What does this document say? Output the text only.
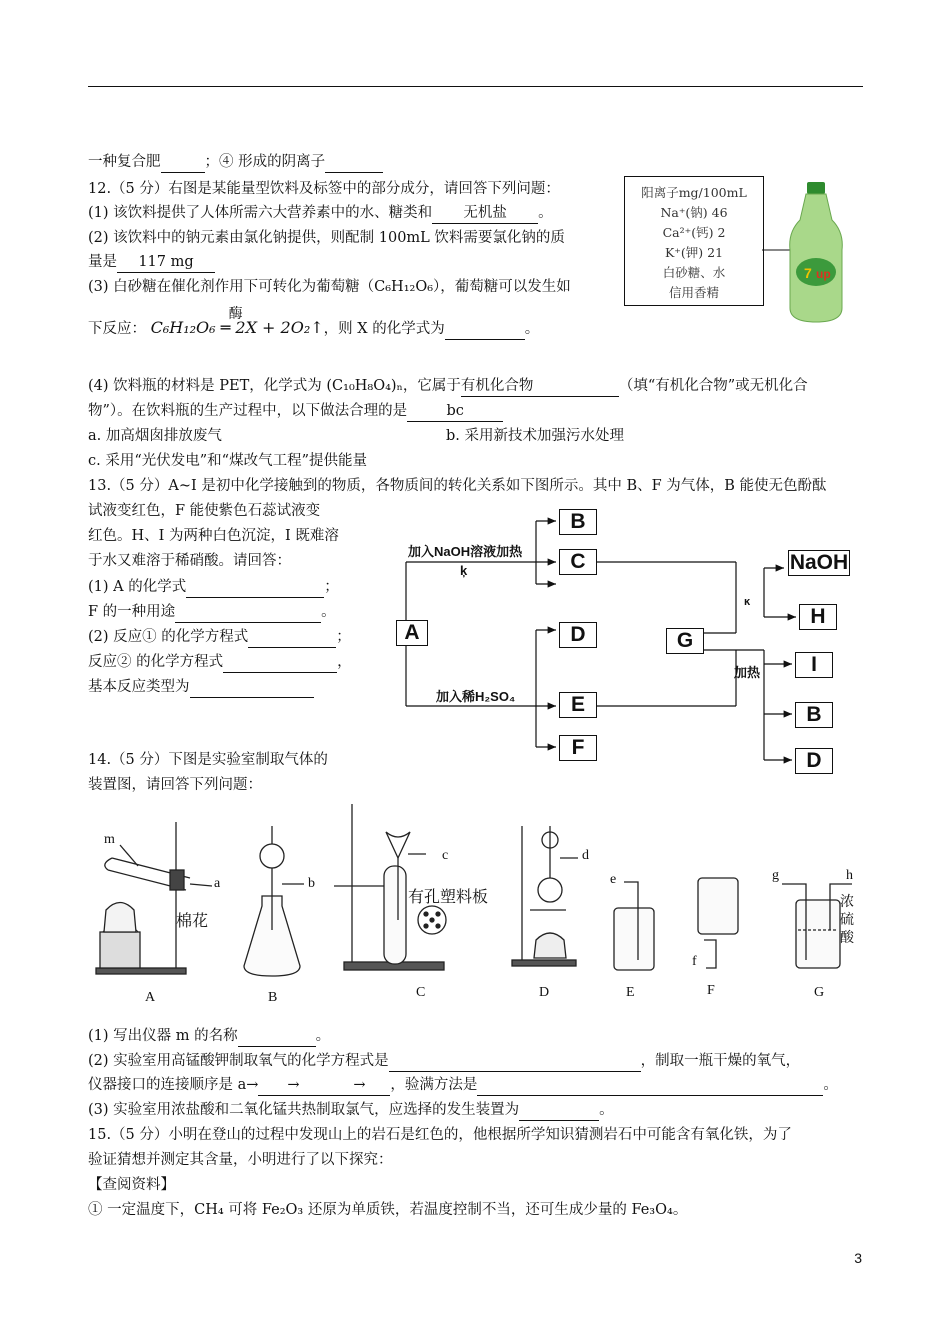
一种复合肥	；④ 形成的阴离子
12.（5 分）右图是某能量型饮料及标签中的部分成分，请回答下列问题：
(1) 该饮料提供了人体所需六大营养素中的水、糖类和 无机盐 。
(2) 该饮料中的钠元素由氯化钠提供，则配制 100mL 饮料需要氯化钠的质
量是 117 mg
(3) 白砂糖在催化剂作用下可转化为葡萄糖（C₆H₁₂O₆），葡萄糖可以发生如
下反应：
酶
C₆H₁₂O₆ ═ 2X + 2O₂↑，则 X 的化学式为	。
阳离子mg/100mL
Na⁺(钠) 46
Ca²⁺(钙) 2
K⁺(钾) 21
白砂糖、水
信用香精
7 up
(4) 饮料瓶的材料是 PET，化学式为 (C₁₀H₈O₄)ₙ，它属于有机化合物	（填“有机化合物”或无机化合
物”）。在饮料瓶的生产过程中，以下做法合理的是	bc
a. 加高烟囱排放废气	b. 采用新技术加强污水处理
c. 采用“光伏发电”和“煤改气工程”提供能量
13.（5 分）A~I 是初中化学接触到的物质，各物质间的转化关系如下图所示。其中 B、F 为气体，B 能使无色酚酞
试液变红色，F 能使紫色石蕊试液变
红色。H、I 为两种白色沉淀，I 既难溶
于水又难溶于稀硝酸。请回答：
(1) A 的化学式	；
F 的一种用途	。
(2) 反应① 的化学方程式	；
反应② 的化学方程式	，
基本反应类型为
A
B
C
D
E
F
G
NaOH
H
I
B
D
加入NaOH溶液加热
ķ
加入稀H₂SO₄
ĸ
加热
14.（5 分）下图是实验室制取气体的
装置图，请回答下列问题：
m
a
棉花
b
c
有孔塑料板
d
e
f
g	h
浓硫酸
A	B	C	D	E	F	G
(1) 写出仪器 m 的名称	。
(2) 实验室用高锰酸钾制取氧气的化学方程式是	，制取一瓶干燥的氧气，
仪器接口的连接顺序是 a→ →	→ ，验满方法是	。
(3) 实验室用浓盐酸和二氧化锰共热制取氯气，应选择的发生装置为	。
15.（5 分）小明在登山的过程中发现山上的岩石是红色的，他根据所学知识猜测岩石中可能含有氧化铁，为了
验证猜想并测定其含量，小明进行了以下探究：
【查阅资料】
① 一定温度下，CH₄ 可将 Fe₂O₃ 还原为单质铁，若温度控制不当，还可生成少量的 Fe₃O₄。
3
